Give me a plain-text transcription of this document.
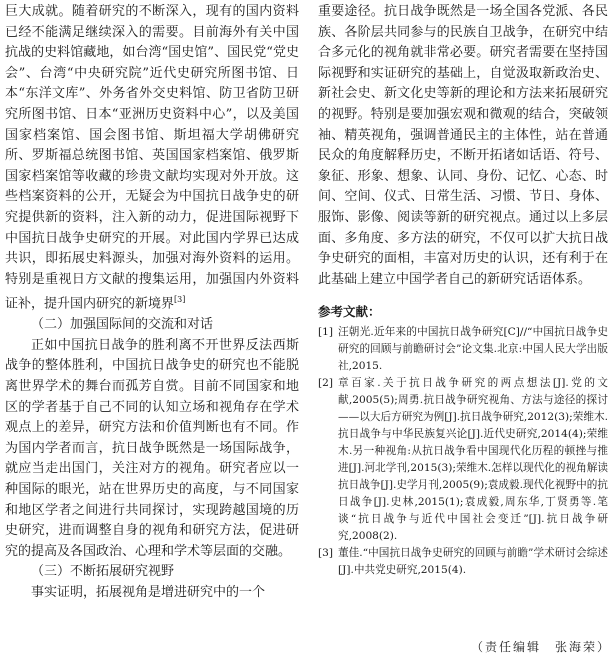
巨大成就。随着研究的不断深入，现有的国内资料已经不能满足继续深入的需要。目前海外有关中国抗战的史料馆藏地，如台湾“国史馆”、国民党“党史会”、台湾“中央研究院”近代史研究所图书馆、日本“东洋文库”、外务省外交史料馆、防卫省防卫研究所图书馆、日本“亚洲历史资料中心”，以及美国国家档案馆、国会图书馆、斯坦福大学胡佛研究所、罗斯福总统图书馆、英国国家档案馆、俄罗斯国家档案馆等收藏的珍贵文献均实现对外开放。这些档案资料的公开，无疑会为中国抗日战争史的研究提供新的资料，注入新的动力，促进国际视野下中国抗日战争史研究的开展。对此国内学界已达成共识，即拓展史料源头，加强对海外资料的运用。特别是重视日方文献的搜集运用，加强国内外资料证补，提升国内研究的新境界[3]

（二）加强国际间的交流和对话

正如中国抗日战争的胜利离不开世界反法西斯战争的整体胜利，中国抗日战争史的研究也不能脱离世界学术的舞台而孤芳自赏。目前不同国家和地区的学者基于自己不同的认知立场和视角存在学术观点上的差异，研究方法和价值判断也有不同。作为国内学者而言，抗日战争既然是一场国际战争，就应当走出国门，关注对方的视角。研究者应以一种国际的眼光，站在世界历史的高度，与不同国家和地区学者之间进行共同探讨，实现跨越国境的历史研究，进而调整自身的视角和研究方法，促进研究的提高及各国政治、心理和学术等层面的交融。

（三）不断拓展研究视野

事实证明，拓展视角是增进研究中的一个

重要途径。抗日战争既然是一场全国各党派、各民族、各阶层共同参与的民族自卫战争，在研究中结合多元化的视角就非常必要。研究者需要在坚持国际视野和实证研究的基础上，自觉汲取新政治史、新社会史、新文化史等新的理论和方法来拓展研究的视野。特别是要加强宏观和微观的结合，突破领袖、精英视角，强调普通民主的主体性，站在普通民众的角度解释历史，不断开拓诸如话语、符号、象征、形象、想象、认同、身份、记忆、心态、时间、空间、仪式、日常生活、习惯、节日、身体、服饰、影像、阅读等新的研究视点。通过以上多层面、多角度、多方法的研究，不仅可以扩大抗日战争史研究的面相，丰富对历史的认识，还有利于在此基础上建立中国学者自己的新研究话语体系。

参考文献：
[1] 汪朝光.近年来的中国抗日战争研究[C]//“中国抗日战争史研究的回顾与前瞻研讨会”论文集.北京:中国人民大学出版社,2015.
[2] 章百家.关于抗日战争研究的两点想法[J].党的文献,2005(5);周勇.抗日战争研究视角、方法与途径的探讨——以大后方研究为例[J].抗日战争研究,2012(3);荣维木.抗日战争与中华民族复兴论[J].近代史研究,2014(4);荣维木.另一种视角:从抗日战争看中国现代化历程的顿挫与推进[J].河北学刊,2015(3);荣维木.怎样以现代化的视角解读抗日战争[J].史学月刊,2005(9);袁成毅.现代化视野中的抗日战争[J].史林,2015(1);袁成毅,周东华,丁贤勇等.笔谈“抗日战争与近代中国社会变迁”[J].抗日战争研究,2008(2).
[3] 董佳.“中国抗日战争史研究的回顾与前瞻”学术研讨会综述[J].中共党史研究,2015(4).
（责任编辑　张海荣）
